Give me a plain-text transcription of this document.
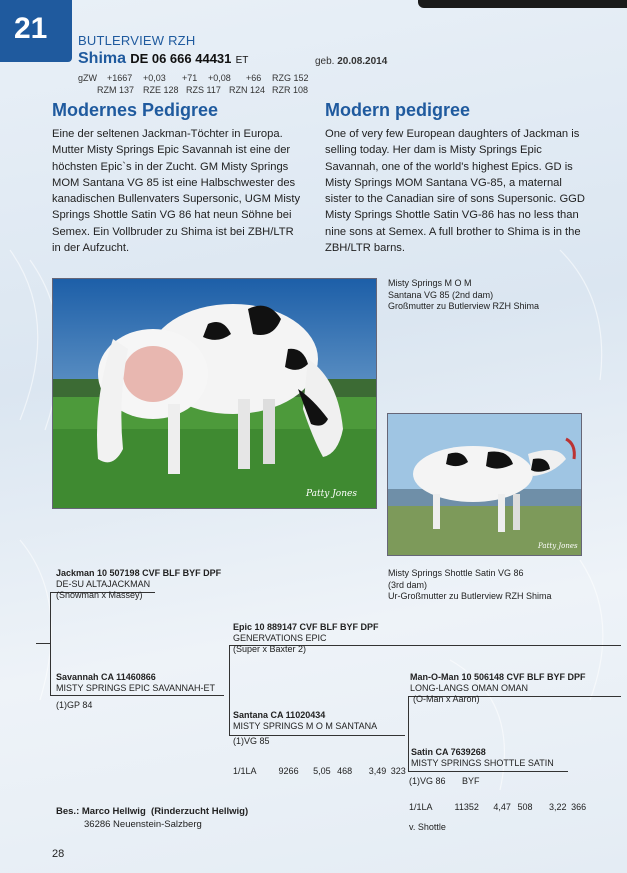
21 BUTLERVIEW RZH
Shima DE 06 666 44431 ET	geb. 20.08.2014
gZW +1667 +0,03 +71 +0,08 +66 RZG 152
RZM 137 RZE 128 RZS 117 RZN 124 RZR 108
Modernes Pedigree
Eine der seltenen Jackman-Töchter in Europa. Mutter Misty Springs Epic Savannah ist eine der höchsten Epic`s in der Zucht. GM Misty Springs MOM Santana VG 85 ist eine Halbschwester des kanadischen Bullenvaters Supersonic, UGM Misty Springs Shottle Satin VG 86 hat neun Söhne bei Semex. Ein Vollbruder zu Shima ist bei ZBH/LTR in der Aufzucht.
Modern pedigree
One of very few European daughters of Jackman is selling today. Her dam is Misty Springs Epic Savannah, one of the world's highest Epics. GD is Misty Springs MOM Santana VG-85, a maternal sister to the Canadian sire of sons Supersonic. GGD Misty Springs Shottle Satin VG-86 has no less than nine sons at Semex. A full brother to Shima is in the ZBH/LTR barns.
Patty Jones
Misty Springs M O M
Santana VG 85 (2nd dam)
Großmutter zu Butlerview RZH Shima
Patty Jones
Misty Springs Shottle Satin VG 86
(3rd dam)
Ur-Großmutter zu Butlerview RZH Shima
Jackman 10 507198 CVF BLF BYF DPF
DE-SU ALTAJACKMAN
(Snowman x Massey)
Savannah CA 11460866
MISTY SPRINGS EPIC SAVANNAH-ET
(1)GP 84
Epic 10 889147 CVF BLF BYF DPF
GENERVATIONS EPIC
(Super x Baxter 2)
Santana CA 11020434
MISTY SPRINGS M O M SANTANA
(1)VG 85
1/1LA	9266 5,05 468 3,49 323
Man-O-Man 10 506148 CVF BLF BYF DPF
LONG-LANGS OMAN OMAN
(O-Man x Aaron)
Satin CA 7639268
MISTY SPRINGS SHOTTLE SATIN
(1)VG 86 BYF
1/1LA	11352 4,47 508 3,22 366
v. Shottle
Bes.: Marco Hellwig (Rinderzucht Hellwig)
36286 Neuenstein-Salzberg
28
